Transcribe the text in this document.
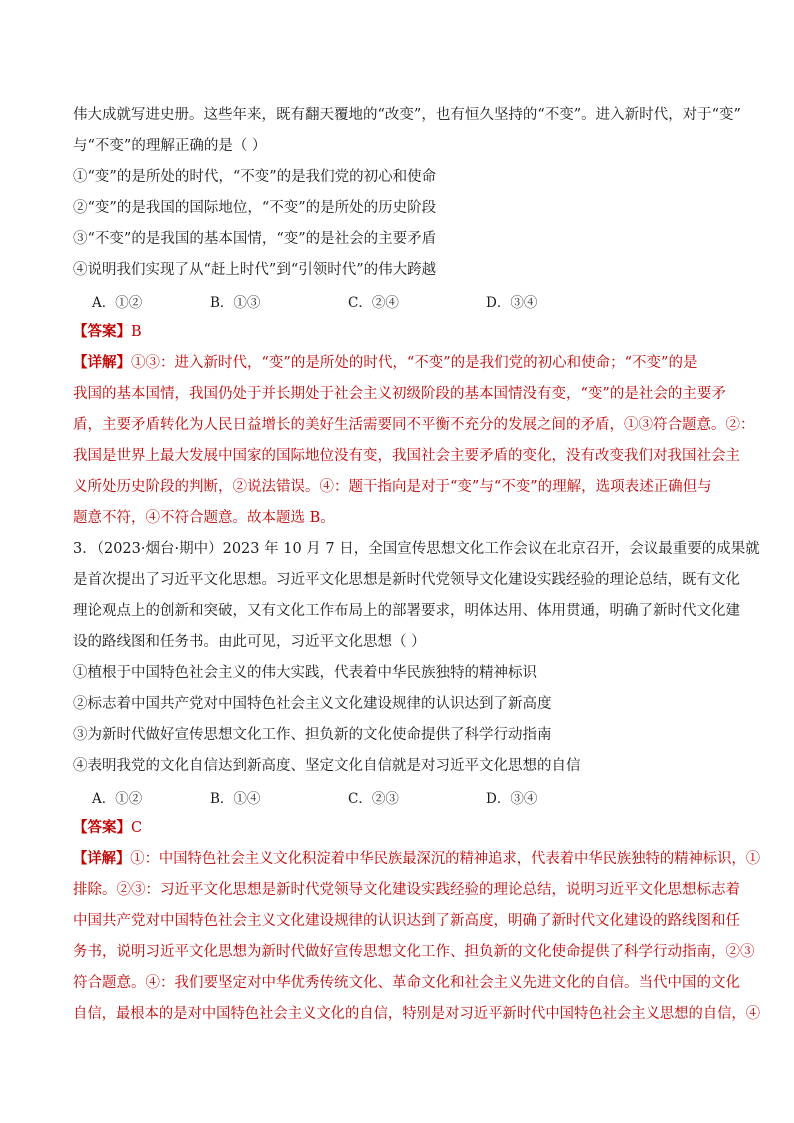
伟大成就写进史册。这些年来，既有翻天覆地的“改变”，也有恒久坚持的“不变”。进入新时代，对于“变”
与“不变”的理解正确的是（ ）
①“变”的是所处的时代，“不变”的是我们党的初心和使命
②“变”的是我国的国际地位，“不变”的是所处的历史阶段
③“不变”的是我国的基本国情，“变”的是社会的主要矛盾
④说明我们实现了从“赶上时代”到“引领时代”的伟大跨越
A．①②	B．①③	C．②④	D．③④
【答案】B
【详解】①③：进入新时代，“变”的是所处的时代，“不变”的是我们党的初心和使命；“不变”的是
我国的基本国情，我国仍处于并长期处于社会主义初级阶段的基本国情没有变，“变”的是社会的主要矛
盾，主要矛盾转化为人民日益增长的美好生活需要同不平衡不充分的发展之间的矛盾，①③符合题意。②：
我国是世界上最大发展中国家的国际地位没有变，我国社会主要矛盾的变化，没有改变我们对我国社会主
义所处历史阶段的判断，②说法错误。④：题干指向是对于“变”与“不变”的理解，选项表述正确但与
题意不符，④不符合题意。故本题选 B。
3．（2023·烟台·期中）2023 年 10 月 7 日，全国宣传思想文化工作会议在北京召开，会议最重要的成果就
是首次提出了习近平文化思想。习近平文化思想是新时代党领导文化建设实践经验的理论总结，既有文化
理论观点上的创新和突破，又有文化工作布局上的部署要求，明体达用、体用贯通，明确了新时代文化建
设的路线图和任务书。由此可见，习近平文化思想（ ）
①植根于中国特色社会主义的伟大实践，代表着中华民族独特的精神标识
②标志着中国共产党对中国特色社会主义文化建设规律的认识达到了新高度
③为新时代做好宣传思想文化工作、担负新的文化使命提供了科学行动指南
④表明我党的文化自信达到新高度、坚定文化自信就是对习近平文化思想的自信
A．①②	B．①④	C．②③	D．③④
【答案】C
【详解】①：中国特色社会主义文化积淀着中华民族最深沉的精神追求，代表着中华民族独特的精神标识，①
排除。②③：习近平文化思想是新时代党领导文化建设实践经验的理论总结，说明习近平文化思想标志着
中国共产党对中国特色社会主义文化建设规律的认识达到了新高度，明确了新时代文化建设的路线图和任
务书，说明习近平文化思想为新时代做好宣传思想文化工作、担负新的文化使命提供了科学行动指南，②③
符合题意。④：我们要坚定对中华优秀传统文化、革命文化和社会主义先进文化的自信。当代中国的文化
自信，最根本的是对中国特色社会主义文化的自信，特别是对习近平新时代中国特色社会主义思想的自信，④
